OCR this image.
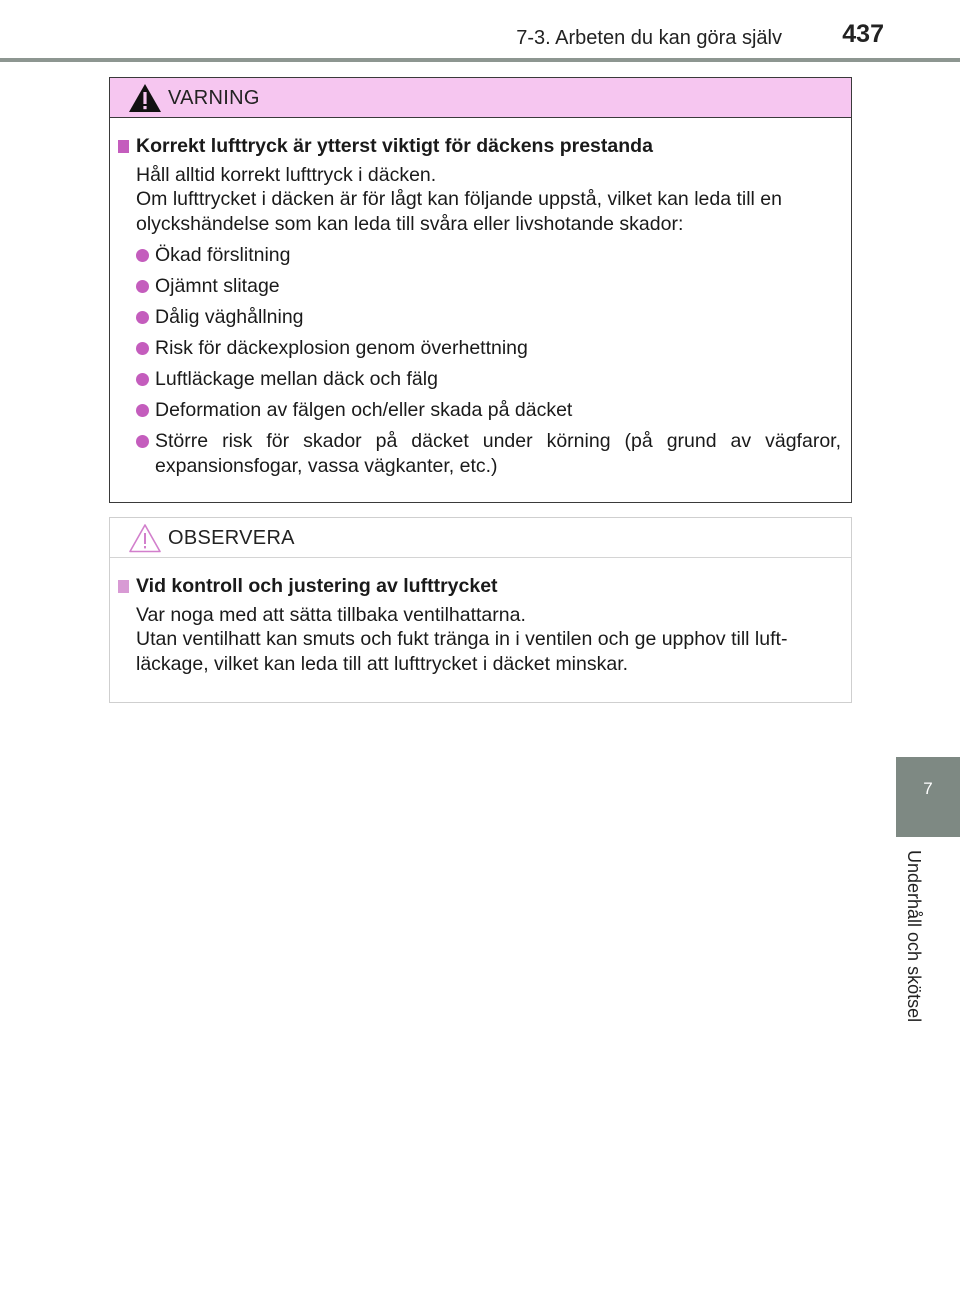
7-3. Arbeten du kan göra själv 437
7
Underhåll och skötsel
VARNING
Korrekt lufttryck är ytterst viktigt för däckens prestanda

Håll alltid korrekt lufttryck i däcken.

Om lufttrycket i däcken är för lågt kan följande uppstå, vilket kan leda till en olyckshändelse som kan leda till svåra eller livshotande skador:

Ökad förslitning
Ojämnt slitage
Dålig väghållning
Risk för däckexplosion genom överhettning
Luftläckage mellan däck och fälg
Deformation av fälgen och/eller skada på däcket
Större risk för skador på däcket under körning (på grund av vägfaror, expansionsfogar, vassa vägkanter, etc.)
OBSERVERA
Vid kontroll och justering av lufttrycket

Var noga med att sätta tillbaka ventilhattarna.

Utan ventilhatt kan smuts och fukt tränga in i ventilen och ge upphov till luft-läckage, vilket kan leda till att lufttrycket i däcket minskar.
